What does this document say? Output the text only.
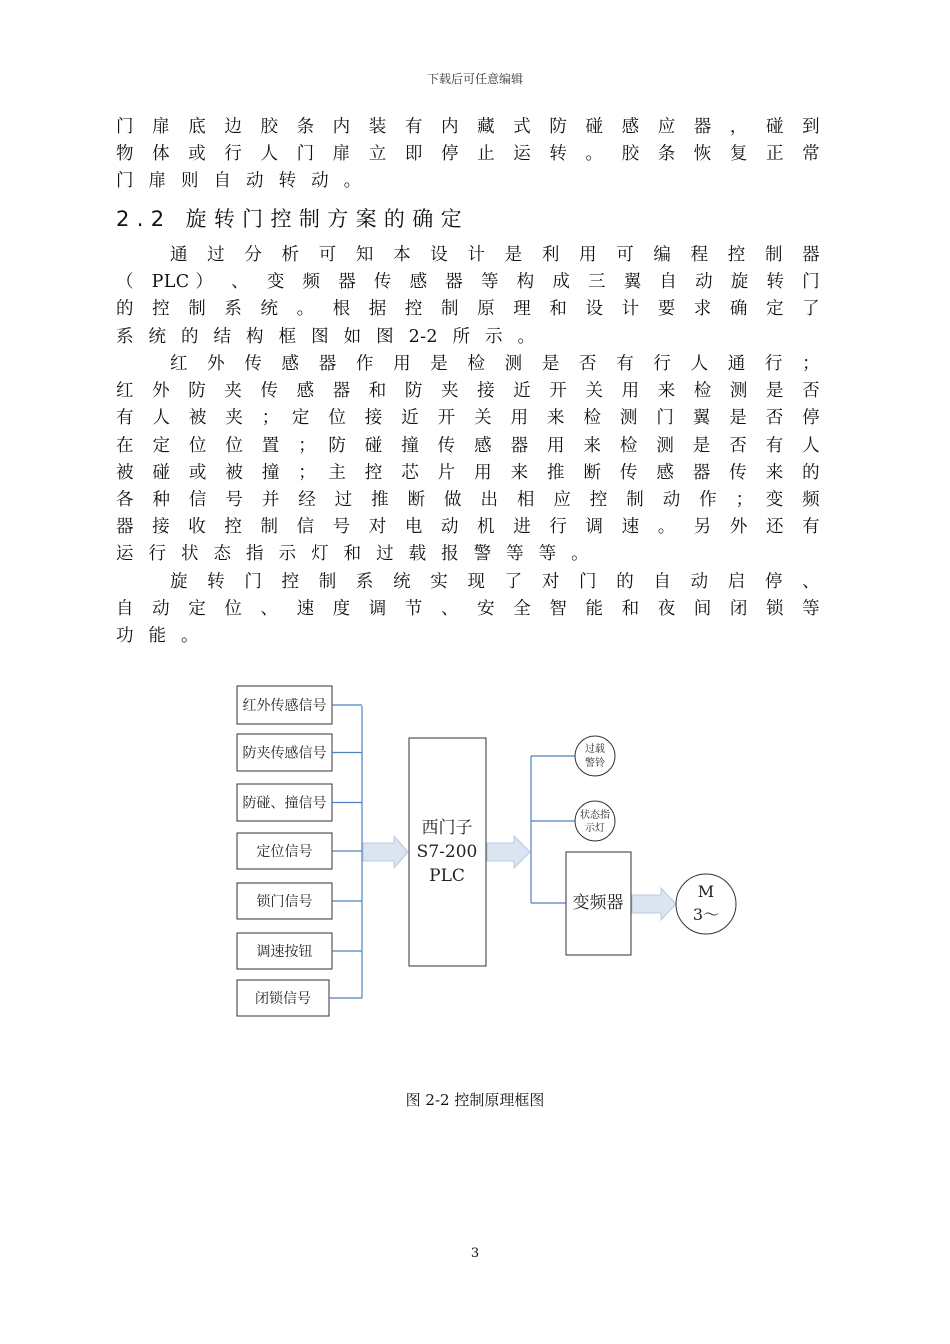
下载后可任意编辑
门 扉 底 边 胶 条 内 装 有 内 藏 式 防 碰 感 应 器 ， 碰 到
物 体 或 行 人 门 扉 立 即 停 止 运 转 。 胶 条 恢 复 正 常
门 扉 则 自 动 转 动 。
2.2 旋转门控制方案的确定
通 过 分 析 可 知 本 设 计 是 利 用 可 编 程 控 制 器
（ PLC） 、 变 频 器 传 感 器 等 构 成 三 翼 自 动 旋 转 门
的 控 制 系 统 。 根 据 控 制 原 理 和 设 计 要 求 确 定 了
系 统 的 结 构 框 图 如 图 2-2 所 示 。
红 外 传 感 器 作 用 是 检 测 是 否 有 行 人 通 行 ；
红 外 防 夹 传 感 器 和 防 夹 接 近 开 关 用 来 检 测 是 否
有 人 被 夹 ； 定 位 接 近 开 关 用 来 检 测 门 翼 是 否 停
在 定 位 位 置 ； 防 碰 撞 传 感 器 用 来 检 测 是 否 有 人
被 碰 或 被 撞 ； 主 控 芯 片 用 来 推 断 传 感 器 传 来 的
各 种 信 号 并 经 过 推 断 做 出 相 应 控 制 动 作 ； 变 频
器 接 收 控 制 信 号 对 电 动 机 进 行 调 速 。 另 外 还 有
运 行 状 态 指 示 灯 和 过 载 报 警 等 等 。
旋 转 门 控 制 系 统 实 现 了 对 门 的 自 动 启 停 、
自 动 定 位 、 速 度 调 节 、 安 全 智 能 和 夜 间 闭 锁 等
功 能 。
红外传感信号
防夹传感信号
防碰、撞信号
定位信号
锁门信号
调速按钮
闭锁信号
西门子
S7-200
PLC
过载
警铃
状态指
示灯
变频器
M
3～
图 2-2 控制原理框图
3
